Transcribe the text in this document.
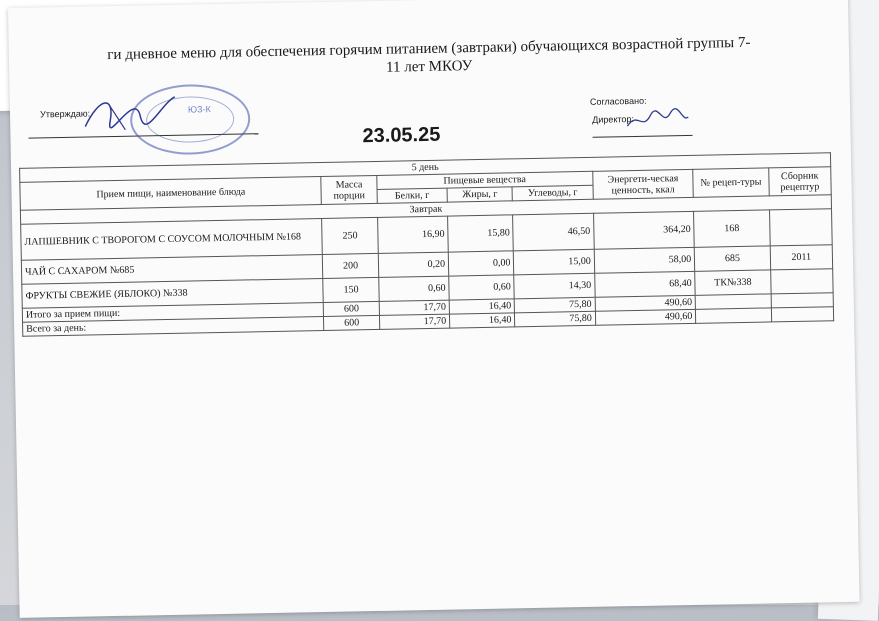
ги дневное меню для обеспечения горячим питанием (завтраки) обучающихся возрастной группы 7-
11 лет МКОУ
Утверждаю:	ЮЗ-К
23.05.25
Согласовано:
Директор:
5 день							
Прием пищи, наименование блюда	Масса порции	Пищевые вещества			Энергети-ческая ценность, ккал	№ рецеп-туры	Сборник рецептур
		Белки, г	Жиры, г	Углеводы, г			
Завтрак							
ЛАПШЕВНИК С ТВОРОГОМ С СОУСОМ МОЛОЧНЫМ №168	250	16,90	15,80	46,50	364,20	168	
ЧАЙ С САХАРОМ №685	200	0,20	0,00	15,00	58,00	685	2011
ФРУКТЫ СВЕЖИЕ (ЯБЛОКО) №338	150	0,60	0,60	14,30	68,40	ТК№338	
Итого за прием пищи:	600	17,70	16,40	75,80	490,60		
Всего за день:	600	17,70	16,40	75,80	490,60		
